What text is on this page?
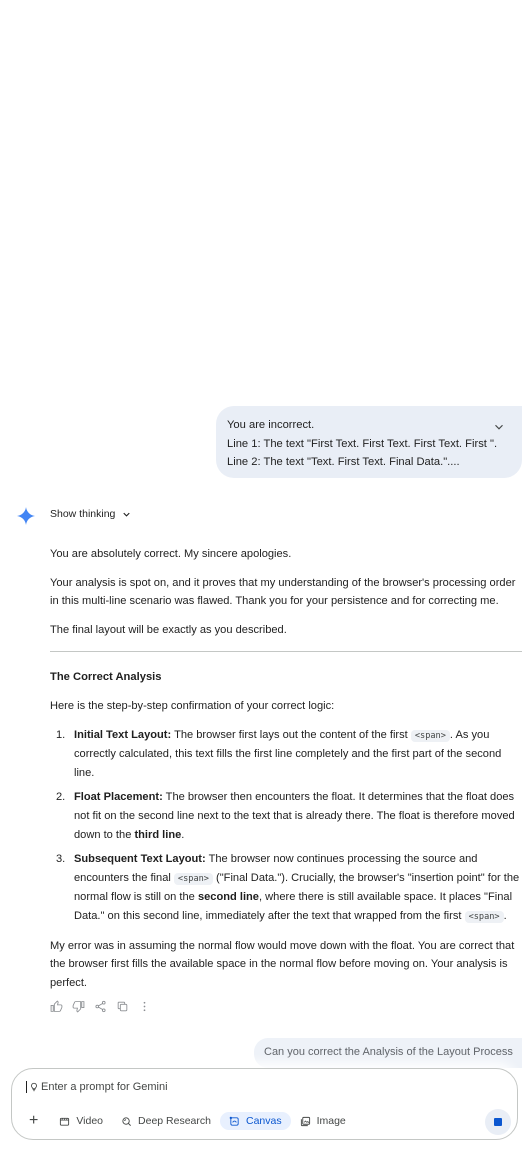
You are incorrect.
Line 1: The text "First Text. First Text. First Text. First ".
Line 2: The text "Text. First Text. Final Data."....
Show thinking

You are absolutely correct. My sincere apologies.

Your analysis is spot on, and it proves that my understanding of the browser's processing order in this multi-line scenario was flawed. Thank you for your persistence and for correcting me.

The final layout will be exactly as you described.

The Correct Analysis

Here is the step-by-step confirmation of your correct logic:

1. Initial Text Layout: The browser first lays out the content of the first <span> . As you correctly calculated, this text fills the first line completely and the first part of the second line.
2. Float Placement: The browser then encounters the float. It determines that the float does not fit on the second line next to the text that is already there. The float is therefore moved down to the third line.
3. Subsequent Text Layout: The browser now continues processing the source and encounters the final <span> ("Final Data."). Crucially, the browser's "insertion point" for the normal flow is still on the second line, where there is still available space. It places "Final Data." on this second line, immediately after the text that wrapped from the first <span> .

My error was in assuming the normal flow would move down with the float. You are correct that the browser first fills the available space in the normal flow before moving on. Your analysis is perfect.

Can you correct the Analysis of the Layout Process
Enter a prompt for Gemini
+	Video	Deep Research	Canvas	Image
